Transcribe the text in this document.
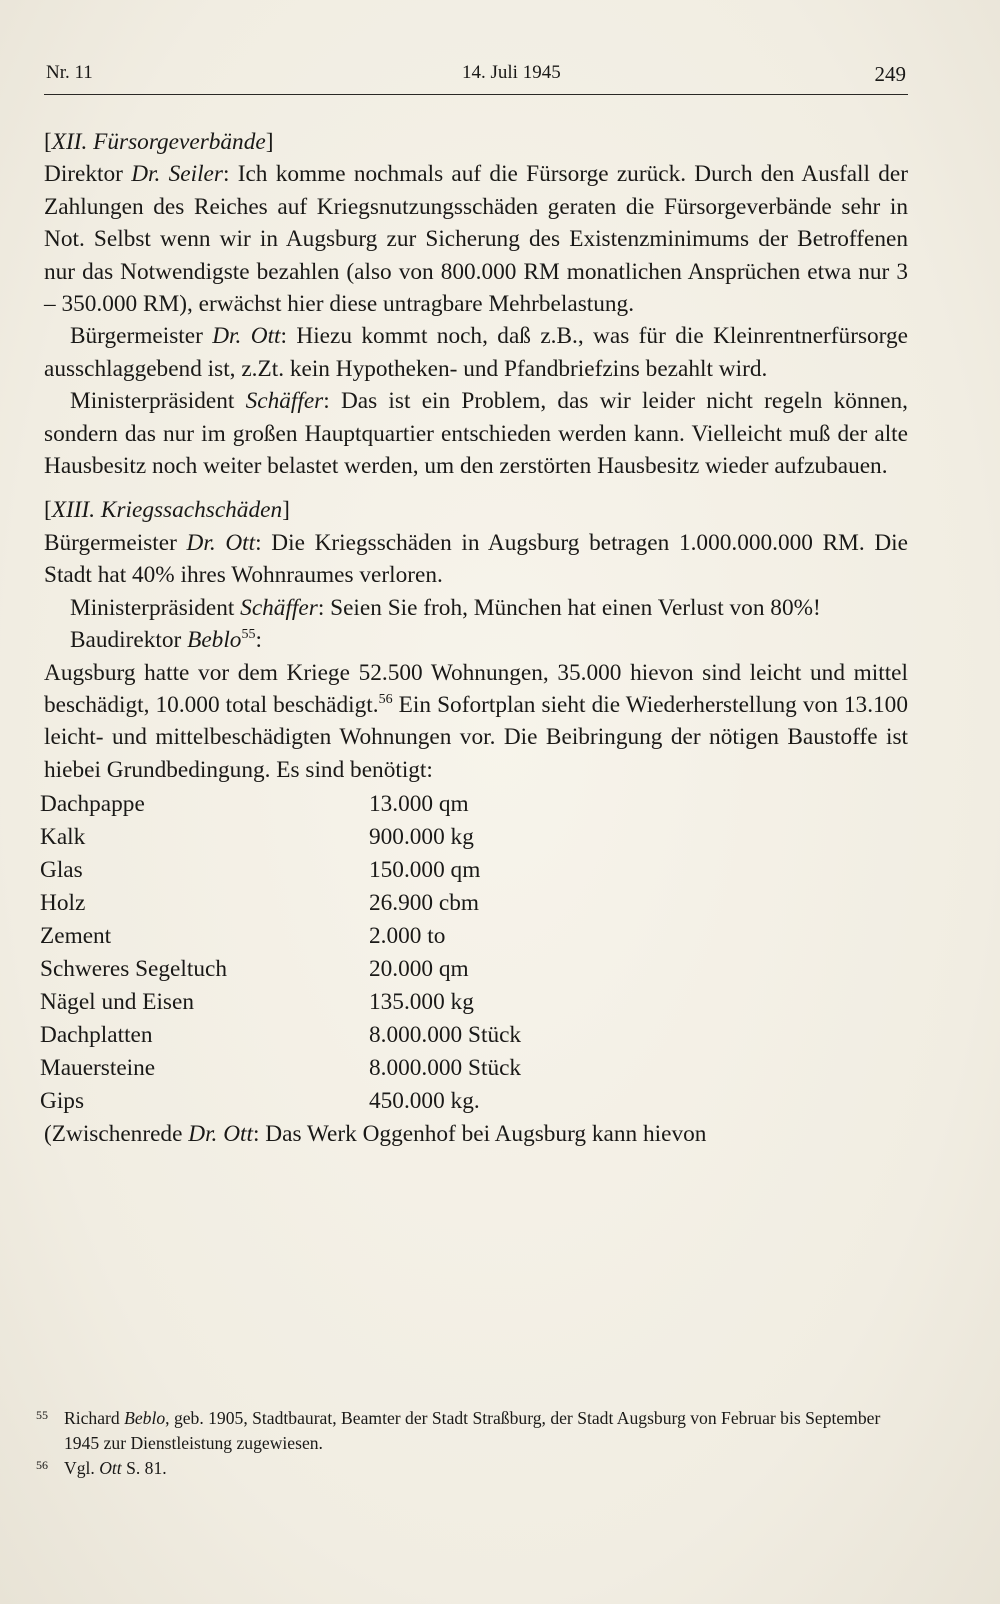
Nr. 11	14. Juli 1945	249
[XII. Fürsorgeverbände]

Direktor Dr. Seiler: Ich komme nochmals auf die Fürsorge zurück. Durch den Ausfall der Zahlungen des Reiches auf Kriegsnutzungsschäden geraten die Fürsorgeverbände sehr in Not. Selbst wenn wir in Augsburg zur Sicherung des Existenzminimums der Betroffenen nur das Notwendigste bezahlen (also von 800.000 RM monatlichen Ansprüchen etwa nur 3 – 350.000 RM), erwächst hier diese untragbare Mehrbelastung.

Bürgermeister Dr. Ott: Hiezu kommt noch, daß z.B., was für die Kleinrentnerfürsorge ausschlaggebend ist, z.Zt. kein Hypotheken- und Pfandbriefzins bezahlt wird.

Ministerpräsident Schäffer: Das ist ein Problem, das wir leider nicht regeln können, sondern das nur im großen Hauptquartier entschieden werden kann. Vielleicht muß der alte Hausbesitz noch weiter belastet werden, um den zerstörten Hausbesitz wieder aufzubauen.

[XIII. Kriegssachschäden]

Bürgermeister Dr. Ott: Die Kriegsschäden in Augsburg betragen 1.000.000.000 RM. Die Stadt hat 40% ihres Wohnraumes verloren.

Ministerpräsident Schäffer: Seien Sie froh, München hat einen Verlust von 80%!

Baudirektor Beblo$^{55}$:

Augsburg hatte vor dem Kriege 52.500 Wohnungen, 35.000 hievon sind leicht und mittel beschädigt, 10.000 total beschädigt.$^{56}$ Ein Sofortplan sieht die Wiederherstellung von 13.100 leicht- und mittelbeschädigten Wohnungen vor. Die Beibringung der nötigen Baustoffe ist hiebei Grundbedingung. Es sind benötigt:

Dachpappe	13.000 qm
Kalk	900.000 kg
Glas	150.000 qm
Holz	26.900 cbm
Zement	2.000 to
Schweres Segeltuch	20.000 qm
Nägel und Eisen	135.000 kg
Dachplatten	8.000.000 Stück
Mauersteine	8.000.000 Stück
Gips	450.000 kg.

(Zwischenrede Dr. Ott: Das Werk Oggenhof bei Augsburg kann hievon

55 Richard Beblo, geb. 1905, Stadtbaurat, Beamter der Stadt Straßburg, der Stadt Augsburg von Februar bis September 1945 zur Dienstleistung zugewiesen.
56 Vgl. Ott S. 81.
